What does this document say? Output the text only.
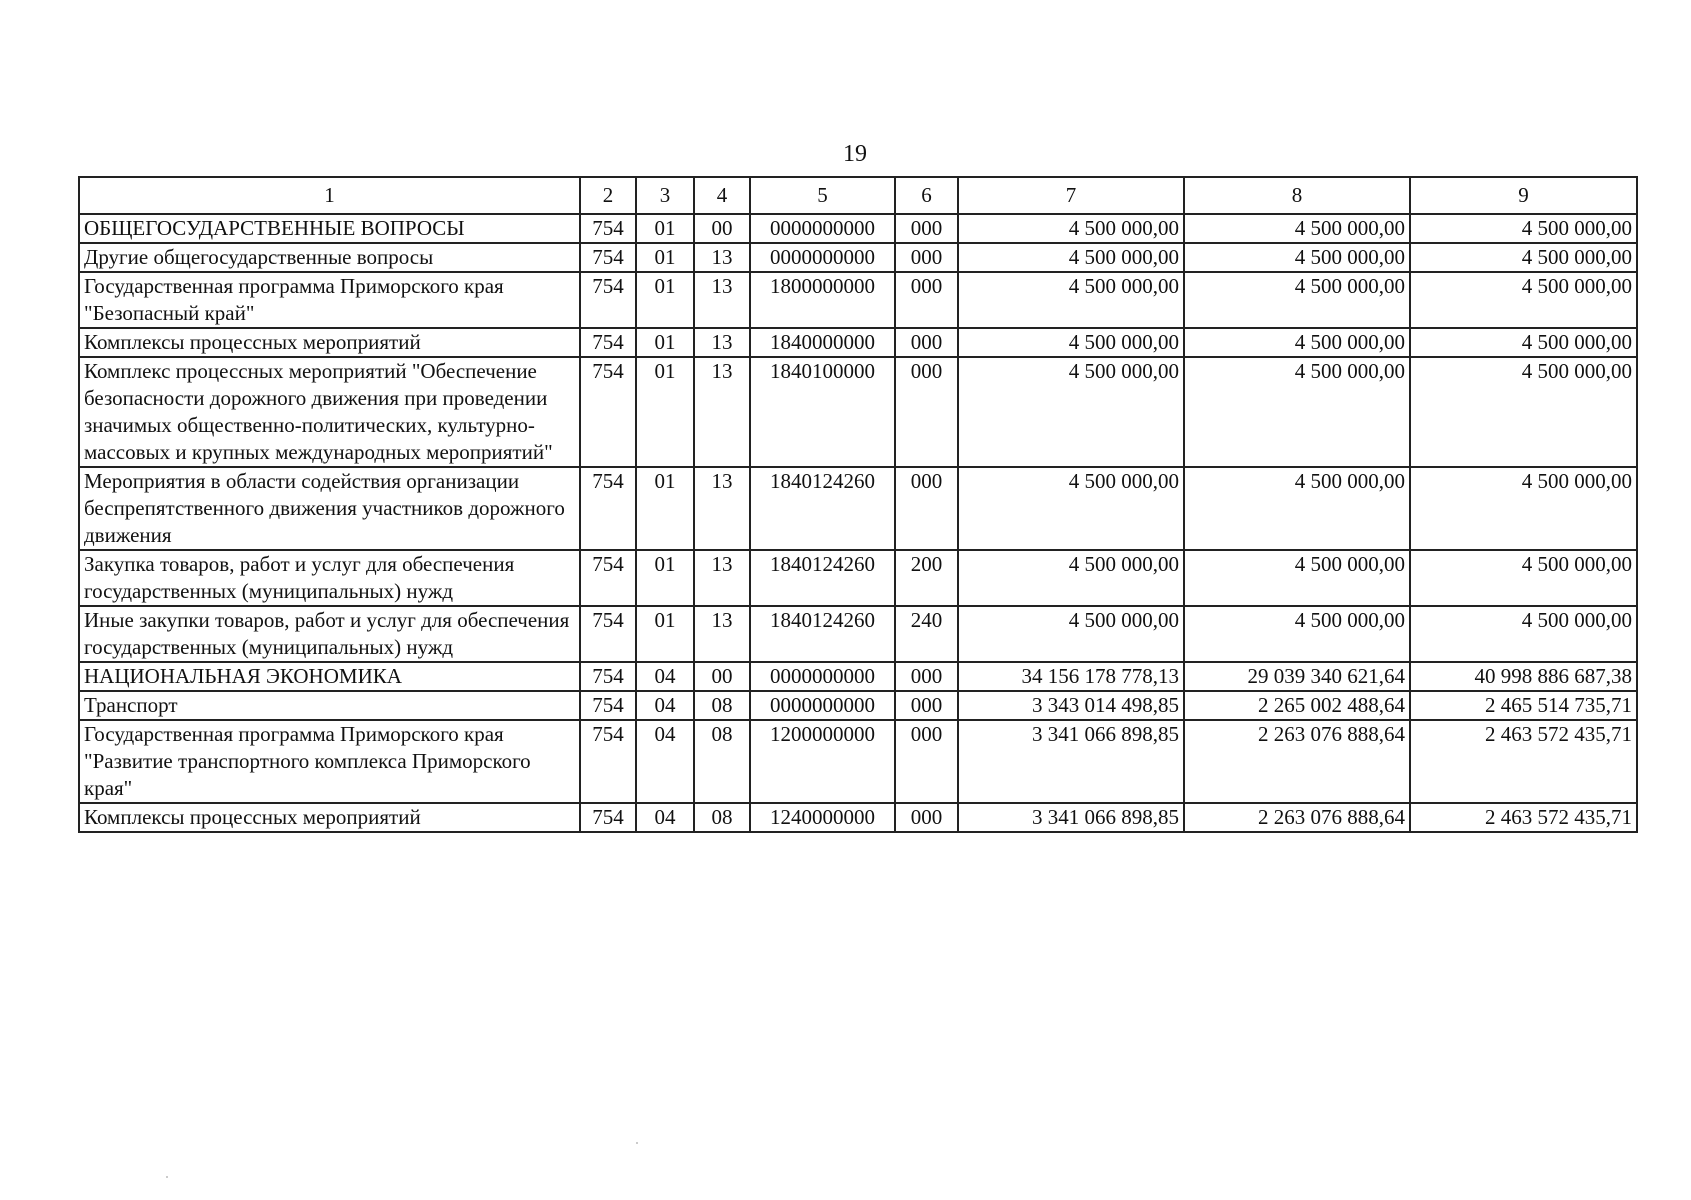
19
1	2	3	4	5	6	7	8	9
ОБЩЕГОСУДАРСТВЕННЫЕ ВОПРОСЫ	754	01	00	0000000000	000	4 500 000,00	4 500 000,00	4 500 000,00
Другие общегосударственные вопросы	754	01	13	0000000000	000	4 500 000,00	4 500 000,00	4 500 000,00
Государственная программа Приморского края "Безопасный край"	754	01	13	1800000000	000	4 500 000,00	4 500 000,00	4 500 000,00
Комплексы процессных мероприятий	754	01	13	1840000000	000	4 500 000,00	4 500 000,00	4 500 000,00
Комплекс процессных мероприятий "Обеспечение безопасности дорожного движения при проведении значимых общественно-политических, культурно-массовых и крупных международных мероприятий"	754	01	13	1840100000	000	4 500 000,00	4 500 000,00	4 500 000,00
Мероприятия в области содействия организации беспрепятственного движения участников дорожного движения	754	01	13	1840124260	000	4 500 000,00	4 500 000,00	4 500 000,00
Закупка товаров, работ и услуг для обеспечения государственных (муниципальных) нужд	754	01	13	1840124260	200	4 500 000,00	4 500 000,00	4 500 000,00
Иные закупки товаров, работ и услуг для обеспечения государственных (муниципальных) нужд	754	01	13	1840124260	240	4 500 000,00	4 500 000,00	4 500 000,00
НАЦИОНАЛЬНАЯ ЭКОНОМИКА	754	04	00	0000000000	000	34 156 178 778,13	29 039 340 621,64	40 998 886 687,38
Транспорт	754	04	08	0000000000	000	3 343 014 498,85	2 265 002 488,64	2 465 514 735,71
Государственная программа Приморского края "Развитие транспортного комплекса Приморского края"	754	04	08	1200000000	000	3 341 066 898,85	2 263 076 888,64	2 463 572 435,71
Комплексы процессных мероприятий	754	04	08	1240000000	000	3 341 066 898,85	2 263 076 888,64	2 463 572 435,71
